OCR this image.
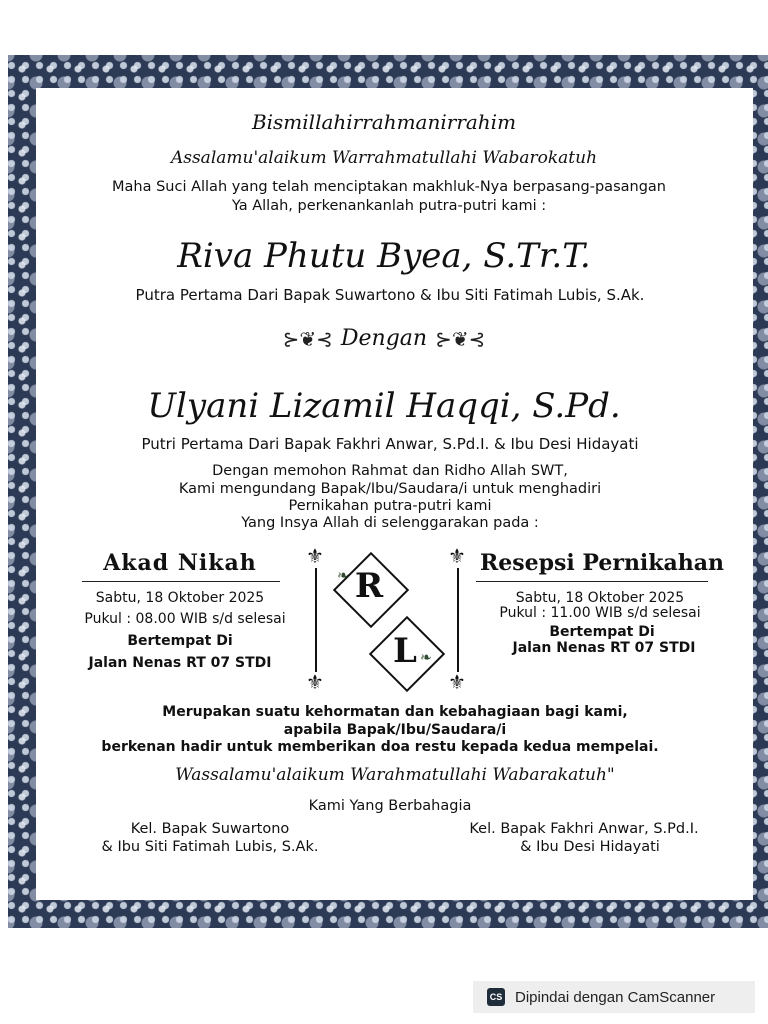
Bismillahirrahmanirrahim
Assalamu'alaikum Warrahmatullahi Wabarokatuh
Maha Suci Allah yang telah menciptakan makhluk-Nya berpasang-pasangan
Ya Allah, perkenankanlah putra-putri kami :
Riva Phutu Byea, S.Tr.T.
Putra Pertama Dari Bapak Suwartono & Ibu Siti Fatimah Lubis, S.Ak.
⊱❦⊰ Dengan ⊱❦⊰
Ulyani Lizamil Haqqi, S.Pd.
Putri Pertama Dari Bapak Fakhri Anwar, S.Pd.I. & Ibu Desi Hidayati
Dengan memohon Rahmat dan Ridho Allah SWT,
Kami mengundang Bapak/Ibu/Saudara/i untuk menghadiri
Pernikahan putra-putri kami
Yang Insya Allah di selenggarakan pada :
Akad Nikah
Sabtu, 18 Oktober 2025
Pukul : 08.00 WIB s/d selesai
Bertempat Di
Jalan Nenas RT 07 STDI
⚜
⚜
⚜
⚜
❧ R
❧
L
Resepsi Pernikahan
Sabtu, 18 Oktober 2025
Pukul : 11.00 WIB s/d selesai
Bertempat Di
Jalan Nenas RT 07 STDI
Merupakan suatu kehormatan dan kebahagiaan bagi kami,
apabila Bapak/Ibu/Saudara/i
berkenan hadir untuk memberikan doa restu kepada kedua mempelai.
Wassalamu'alaikum Warahmatullahi Wabarakatuh"
Kami Yang Berbahagia
Kel. Bapak Suwartono
& Ibu Siti Fatimah Lubis, S.Ak.
Kel. Bapak Fakhri Anwar, S.Pd.I.
& Ibu Desi Hidayati
CS Dipindai dengan CamScanner
